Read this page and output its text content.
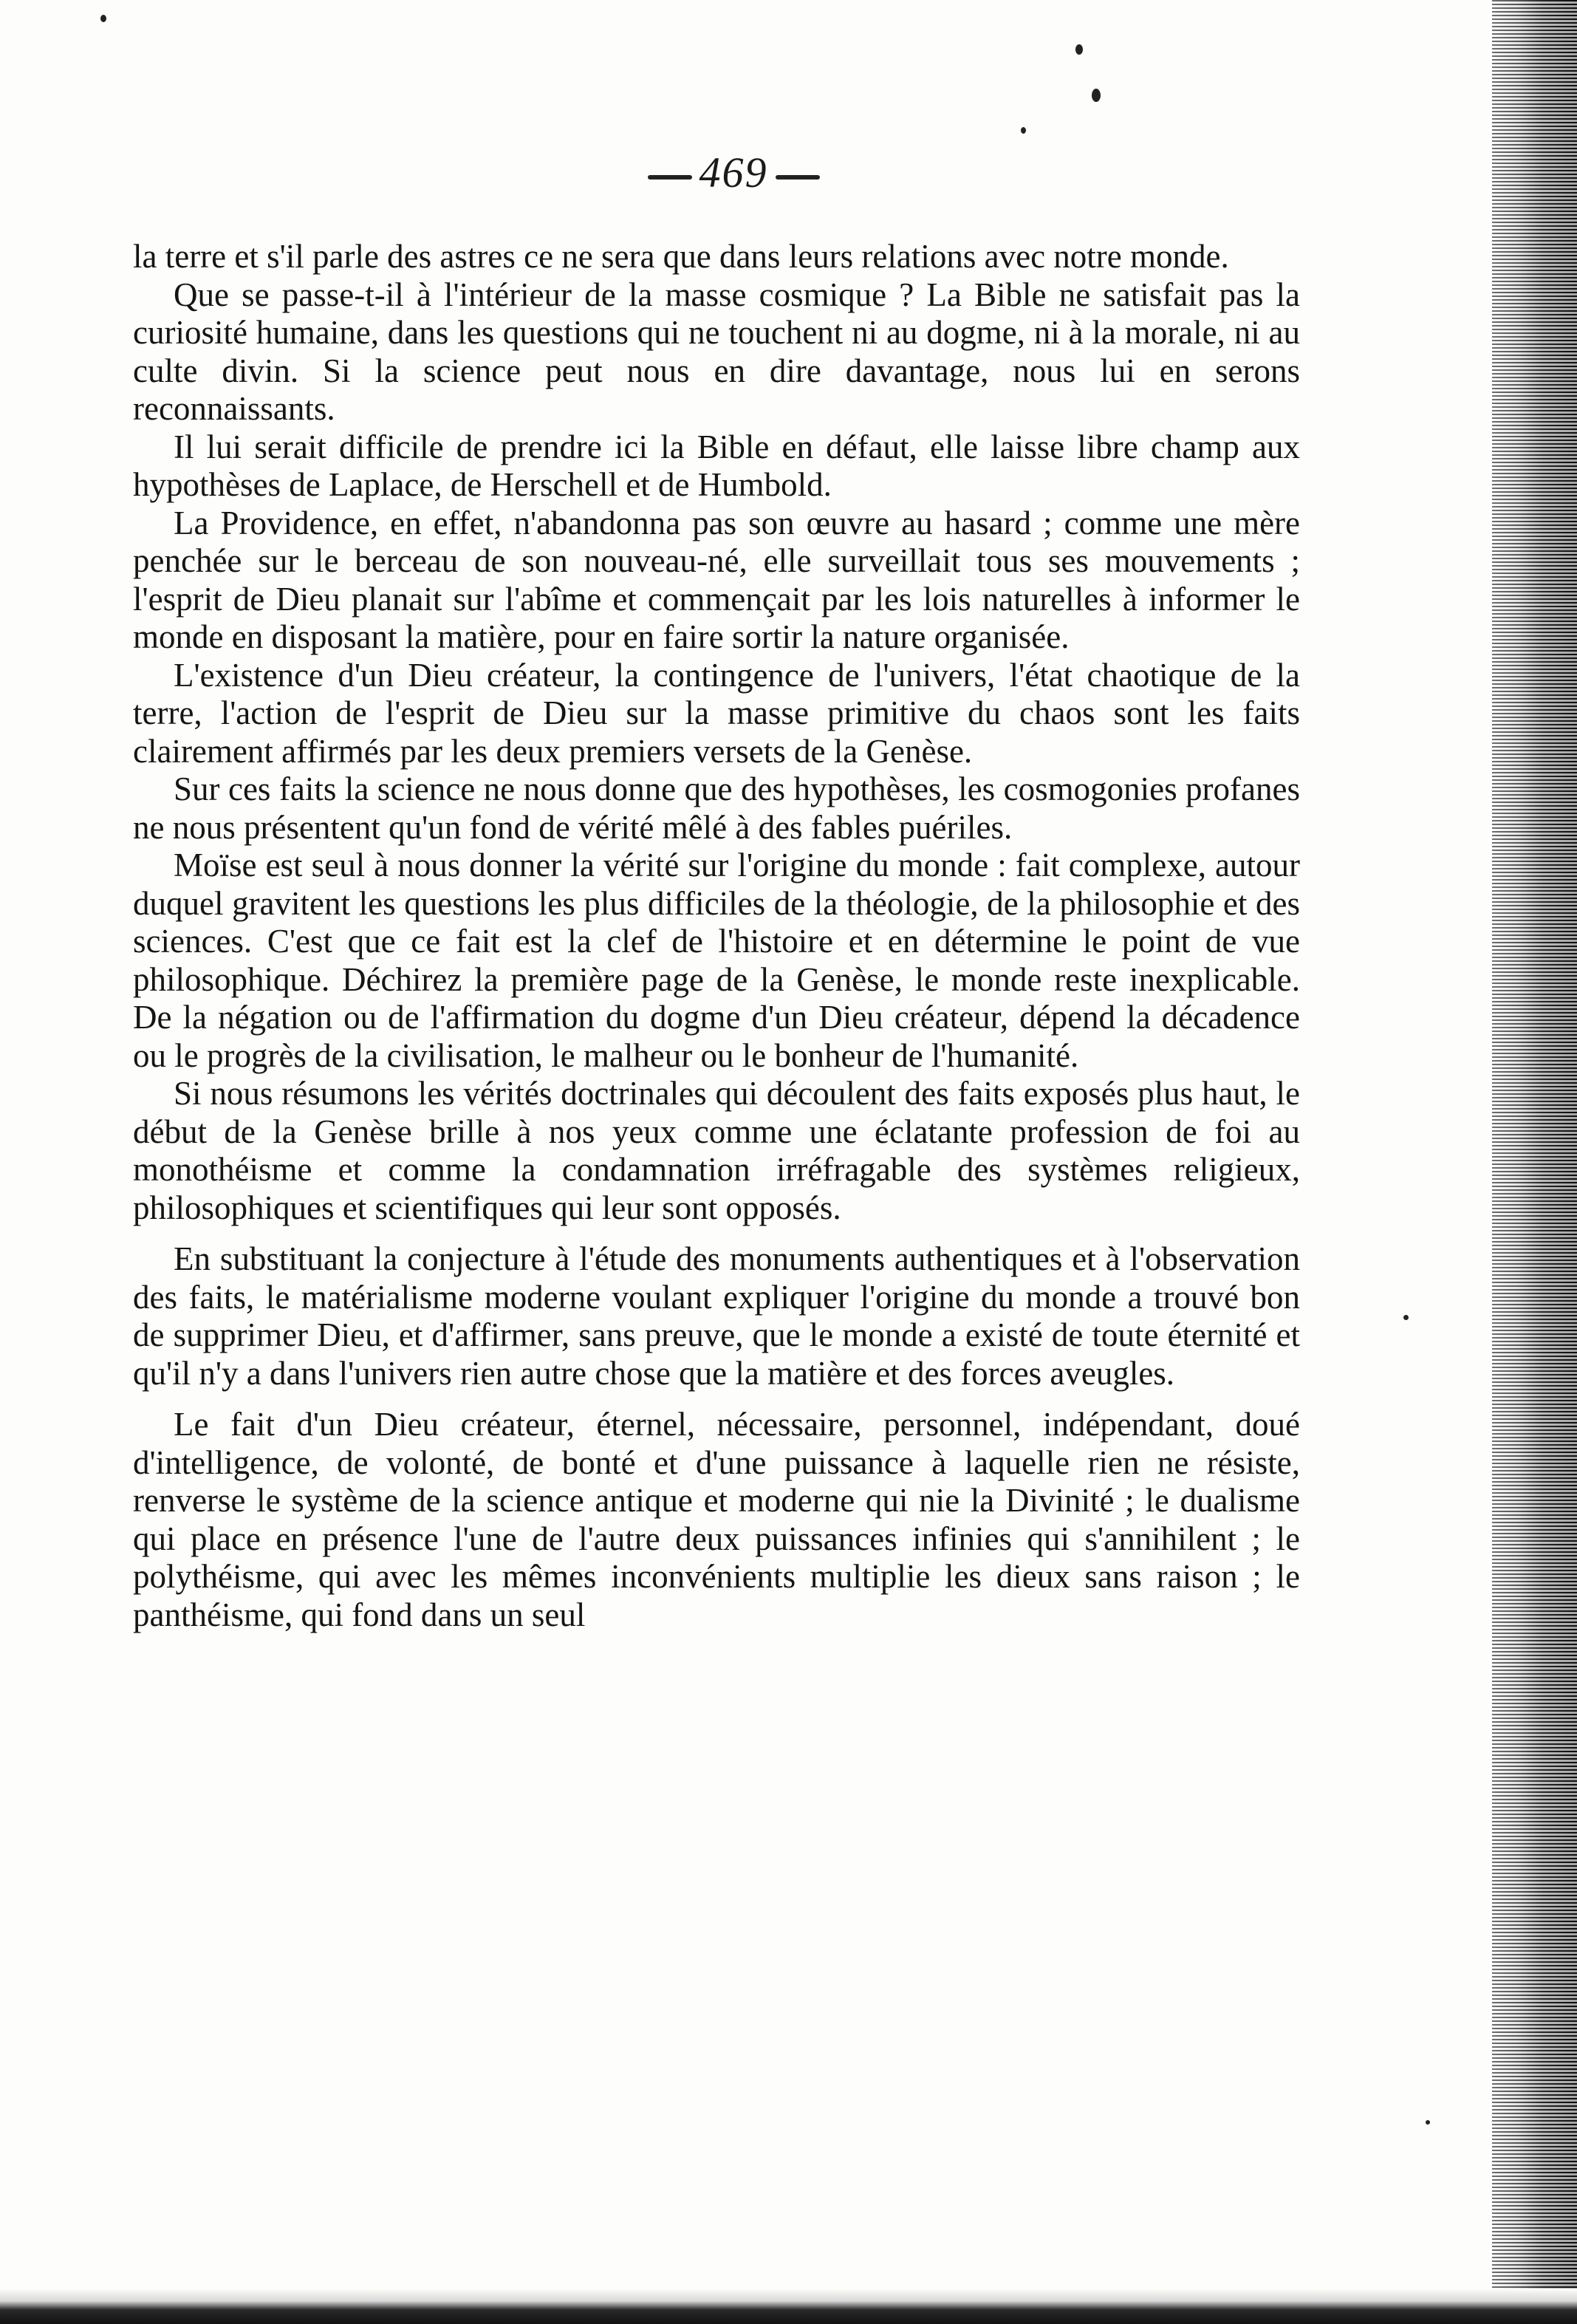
469

la terre et s'il parle des astres ce ne sera que dans leurs relations avec notre monde.

Que se passe-t-il à l'intérieur de la masse cosmique ? La Bible ne satisfait pas la curiosité humaine, dans les questions qui ne touchent ni au dogme, ni à la morale, ni au culte divin. Si la science peut nous en dire davantage, nous lui en serons reconnaissants.

Il lui serait difficile de prendre ici la Bible en défaut, elle laisse libre champ aux hypothèses de Laplace, de Herschell et de Humbold.

La Providence, en effet, n'abandonna pas son œuvre au hasard ; comme une mère penchée sur le berceau de son nouveau-né, elle surveillait tous ses mouvements ; l'esprit de Dieu planait sur l'abîme et commençait par les lois naturelles à informer le monde en disposant la matière, pour en faire sortir la nature organisée.

L'existence d'un Dieu créateur, la contingence de l'univers, l'état chaotique de la terre, l'action de l'esprit de Dieu sur la masse primitive du chaos sont les faits clairement affirmés par les deux premiers versets de la Genèse.

Sur ces faits la science ne nous donne que des hypothèses, les cosmogonies profanes ne nous présentent qu'un fond de vérité mêlé à des fables puériles.

Moïse est seul à nous donner la vérité sur l'origine du monde : fait complexe, autour duquel gravitent les questions les plus difficiles de la théologie, de la philosophie et des sciences. C'est que ce fait est la clef de l'histoire et en détermine le point de vue philosophique. Déchirez la première page de la Genèse, le monde reste inexplicable. De la négation ou de l'affirmation du dogme d'un Dieu créateur, dépend la décadence ou le progrès de la civilisation, le malheur ou le bonheur de l'humanité.

Si nous résumons les vérités doctrinales qui découlent des faits exposés plus haut, le début de la Genèse brille à nos yeux comme une éclatante profession de foi au monothéisme et comme la condamnation irréfragable des systèmes religieux, philosophiques et scientifiques qui leur sont opposés.

En substituant la conjecture à l'étude des monuments authentiques et à l'observation des faits, le matérialisme moderne voulant expliquer l'origine du monde a trouvé bon de supprimer Dieu, et d'affirmer, sans preuve, que le monde a existé de toute éternité et qu'il n'y a dans l'univers rien autre chose que la matière et des forces aveugles.

Le fait d'un Dieu créateur, éternel, nécessaire, personnel, indépendant, doué d'intelligence, de volonté, de bonté et d'une puissance à laquelle rien ne résiste, renverse le système de la science antique et moderne qui nie la Divinité ; le dualisme qui place en présence l'une de l'autre deux puissances infinies qui s'annihilent ; le polythéisme, qui avec les mêmes inconvénients multiplie les dieux sans raison ; le panthéisme, qui fond dans un seul
